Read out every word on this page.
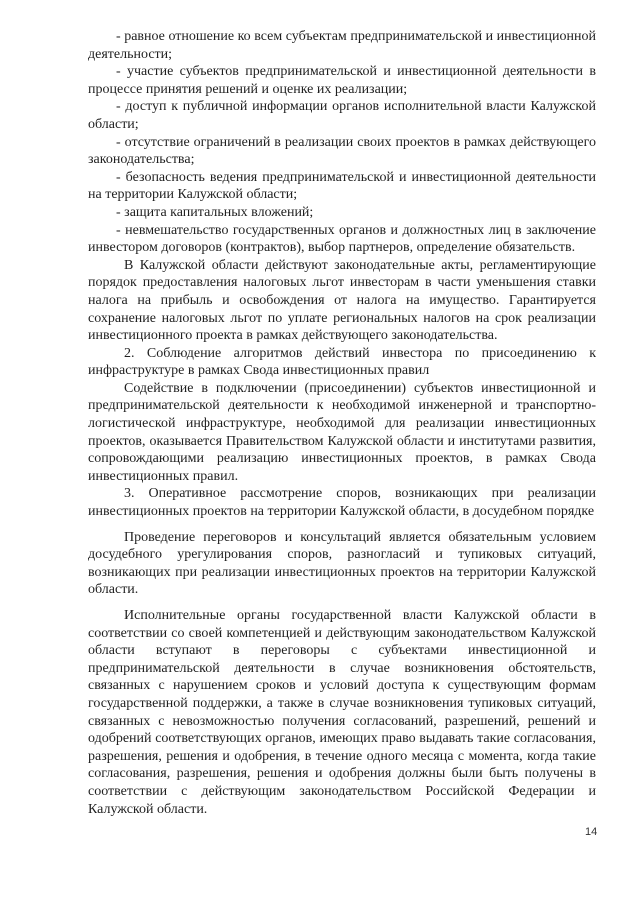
- равное отношение ко всем субъектам предпринимательской и инвестиционной деятельности;

- участие субъектов предпринимательской и инвестиционной деятельности в процессе принятия решений и оценке их реализации;

- доступ к публичной информации органов исполнительной власти Калужской области;

- отсутствие ограничений в реализации своих проектов в рамках действующего законодательства;

- безопасность ведения предпринимательской и инвестиционной деятельности на территории Калужской области;

- защита капитальных вложений;

- невмешательство государственных органов и должностных лиц в заключение инвестором договоров (контрактов), выбор партнеров, определение обязательств.

В Калужской области действуют законодательные акты, регламентирующие порядок предоставления налоговых льгот инвесторам в части уменьшения ставки налога на прибыль и освобождения от налога на имущество. Гарантируется сохранение налоговых льгот по уплате региональных налогов на срок реализации инвестиционного проекта в рамках действующего законодательства.

2. Соблюдение алгоритмов действий инвестора по присоединению к инфраструктуре в рамках Свода инвестиционных правил

Содействие в подключении (присоединении) субъектов инвестиционной и предпринимательской деятельности к необходимой инженерной и транспортно-логистической инфраструктуре, необходимой для реализации инвестиционных проектов, оказывается Правительством Калужской области и институтами развития, сопровождающими реализацию инвестиционных проектов, в рамках Свода инвестиционных правил.

3. Оперативное рассмотрение споров, возникающих при реализации инвестиционных проектов на территории Калужской области, в досудебном порядке

Проведение переговоров и консультаций является обязательным условием досудебного урегулирования споров, разногласий и тупиковых ситуаций, возникающих при реализации инвестиционных проектов на территории Калужской области.

Исполнительные органы государственной власти Калужской области в соответствии со своей компетенцией и действующим законодательством Калужской области вступают в переговоры с субъектами инвестиционной и предпринимательской деятельности в случае возникновения обстоятельств, связанных с нарушением сроков и условий доступа к существующим формам государственной поддержки, а также в случае возникновения тупиковых ситуаций, связанных с невозможностью получения согласований, разрешений, решений и одобрений соответствующих органов, имеющих право выдавать такие согласования, разрешения, решения и одобрения, в течение одного месяца с момента, когда такие согласования, разрешения, решения и одобрения должны были быть получены в соответствии с действующим законодательством Российской Федерации и Калужской области.

14
